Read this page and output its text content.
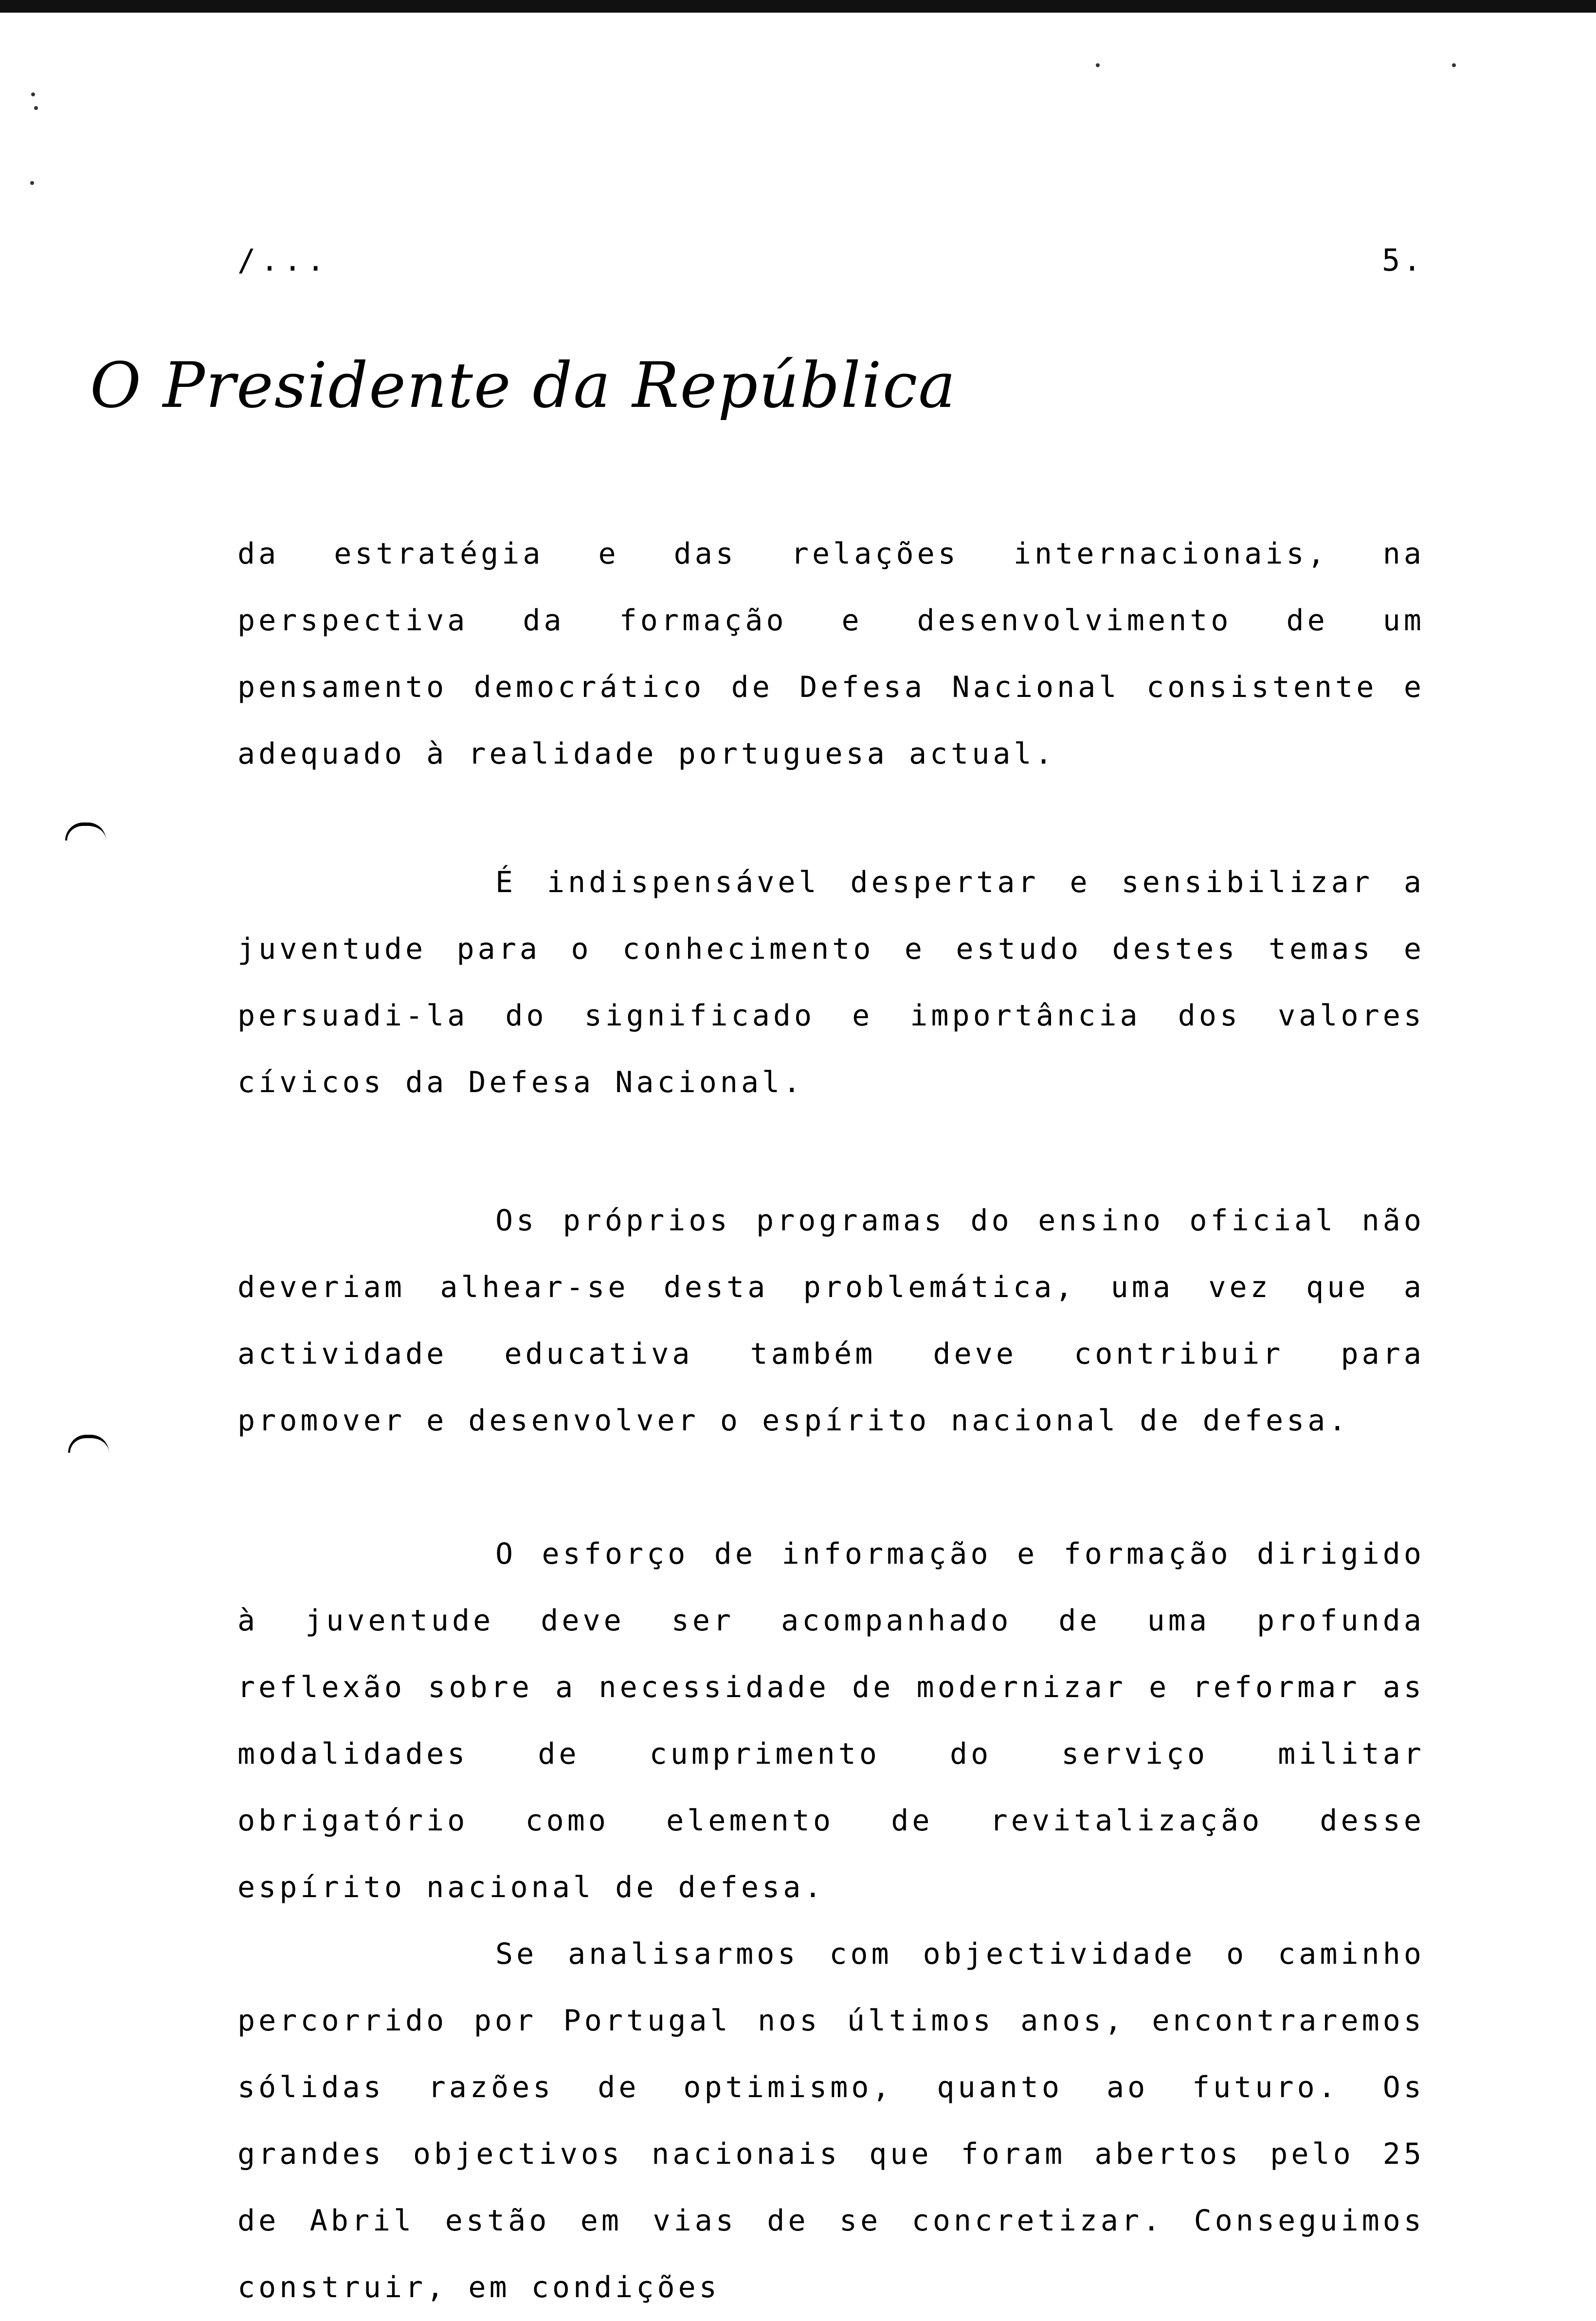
/...	5.
O Presidente da República

da estratégia e das relações internacionais, na perspectiva da formação e desenvolvimento de um pensamento democrático de Defesa Nacional consistente e adequado à realidade portuguesa actual.

É indispensável despertar e sensibilizar a juventude para o conhecimento e estudo destes temas e persuadi-la do significado e importância dos valores cívicos da Defesa Nacional.

Os próprios programas do ensino oficial não deveriam alhear-se desta problemática, uma vez que a actividade educativa também deve contribuir para promover e desenvolver o espírito nacional de defesa.

O esforço de informação e formação dirigido à juventude deve ser acompanhado de uma profunda reflexão sobre a necessidade de modernizar e reformar as modalidades de cumprimento do serviço militar obrigatório como elemento de revitalização desse espírito nacional de defesa.

Se analisarmos com objectividade o caminho percorrido por Portugal nos últimos anos, encontraremos sólidas razões de optimismo, quanto ao futuro. Os grandes objectivos nacionais que foram abertos pelo 25 de Abril estão em vias de se concretizar. Conseguimos construir, em condições
